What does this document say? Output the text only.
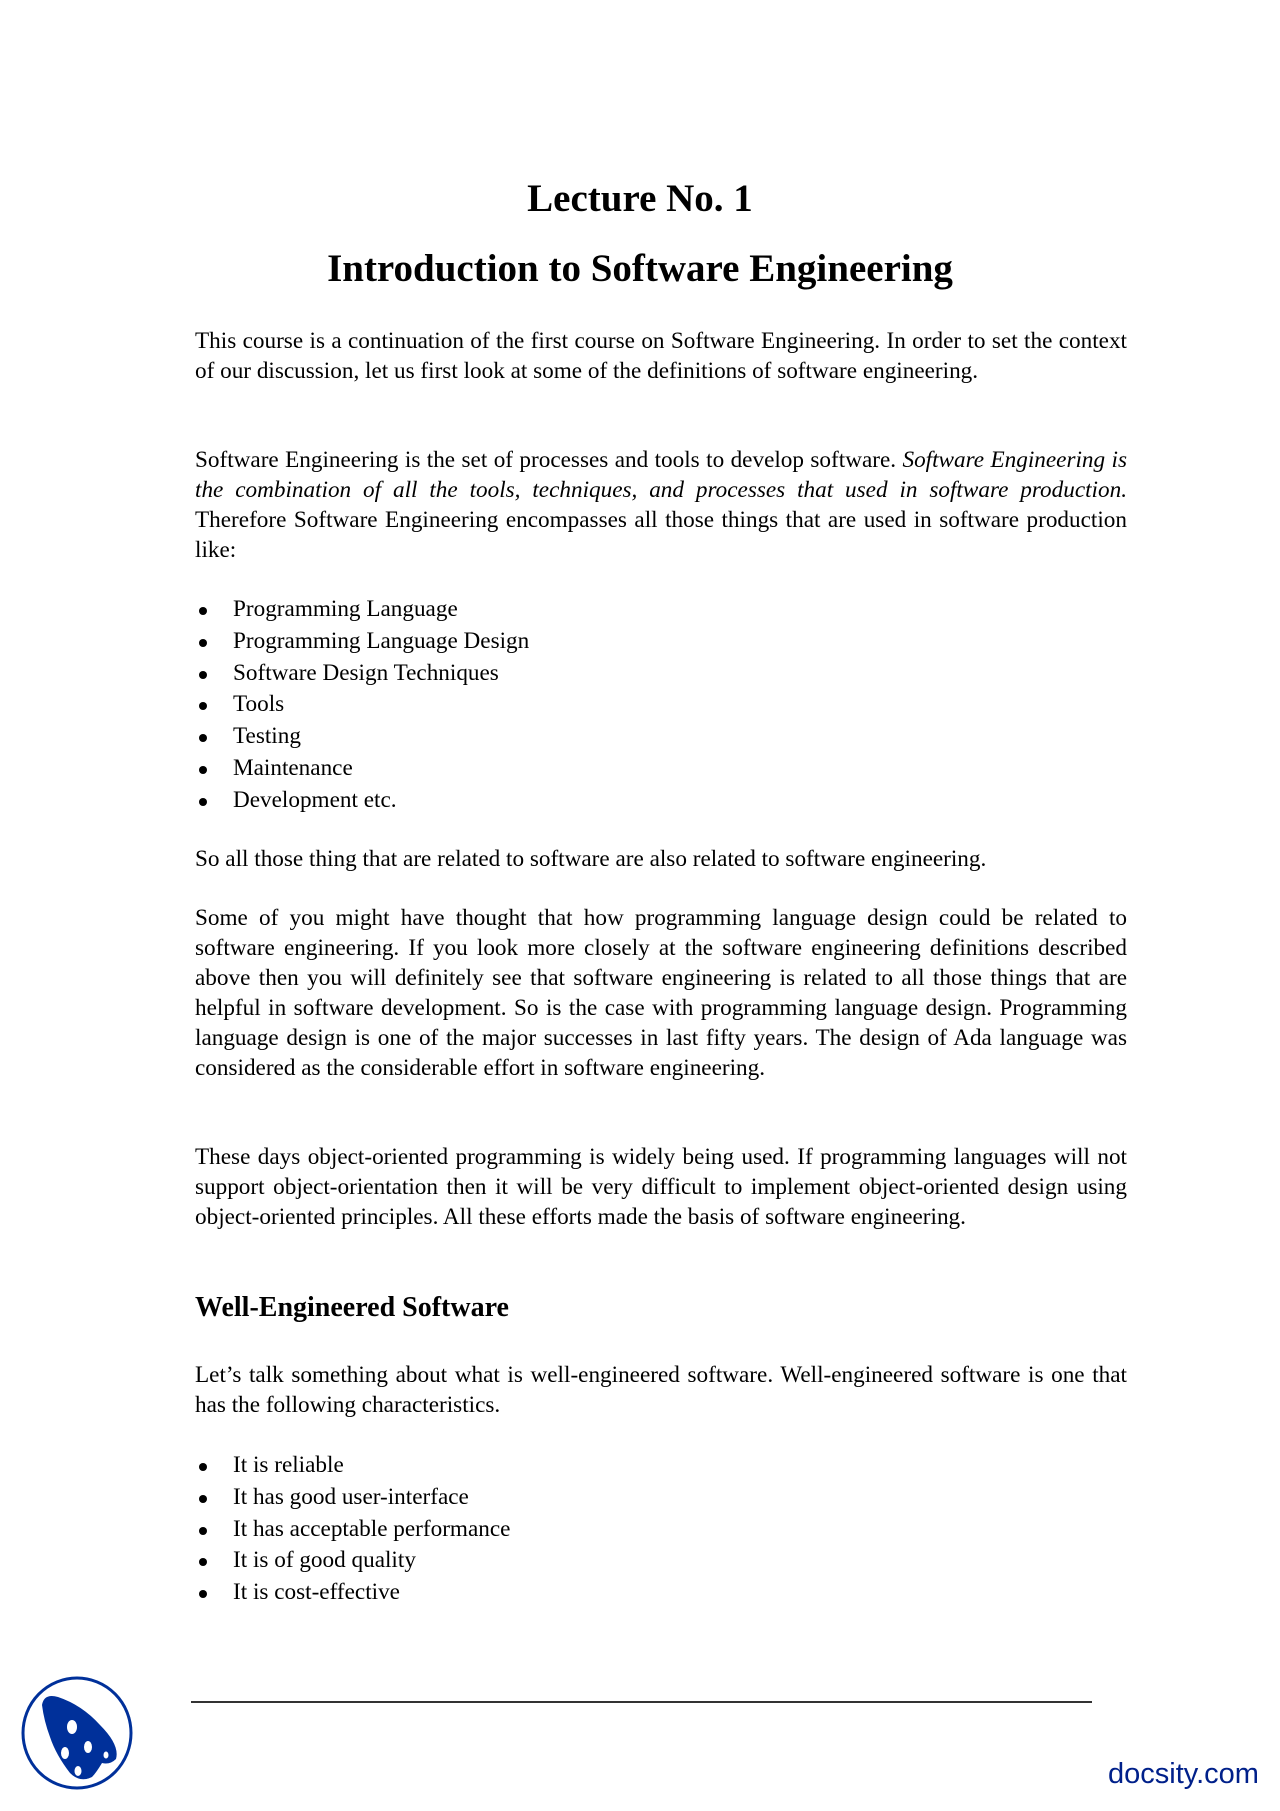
Lecture No. 1
Introduction to Software Engineering

This course is a continuation of the first course on Software Engineering. In order to set the context of our discussion, let us first look at some of the definitions of software engineering.

Software Engineering is the set of processes and tools to develop software. Software Engineering is the combination of all the tools, techniques, and processes that used in software production. Therefore Software Engineering encompasses all those things that are used in software production like:

Programming Language
Programming Language Design
Software Design Techniques
Tools
Testing
Maintenance
Development etc.

So all those thing that are related to software are also related to software engineering.

Some of you might have thought that how programming language design could be related to software engineering. If you look more closely at the software engineering definitions described above then you will definitely see that software engineering is related to all those things that are helpful in software development. So is the case with programming language design. Programming language design is one of the major successes in last fifty years. The design of Ada language was considered as the considerable effort in software engineering.

These days object-oriented programming is widely being used. If programming languages will not support object-orientation then it will be very difficult to implement object-oriented design using object-oriented principles. All these efforts made the basis of software engineering.

Well-Engineered Software

Let’s talk something about what is well-engineered software. Well-engineered software is one that has the following characteristics.

It is reliable
It has good user-interface
It has acceptable performance
It is of good quality
It is cost-effective
docsity.com
